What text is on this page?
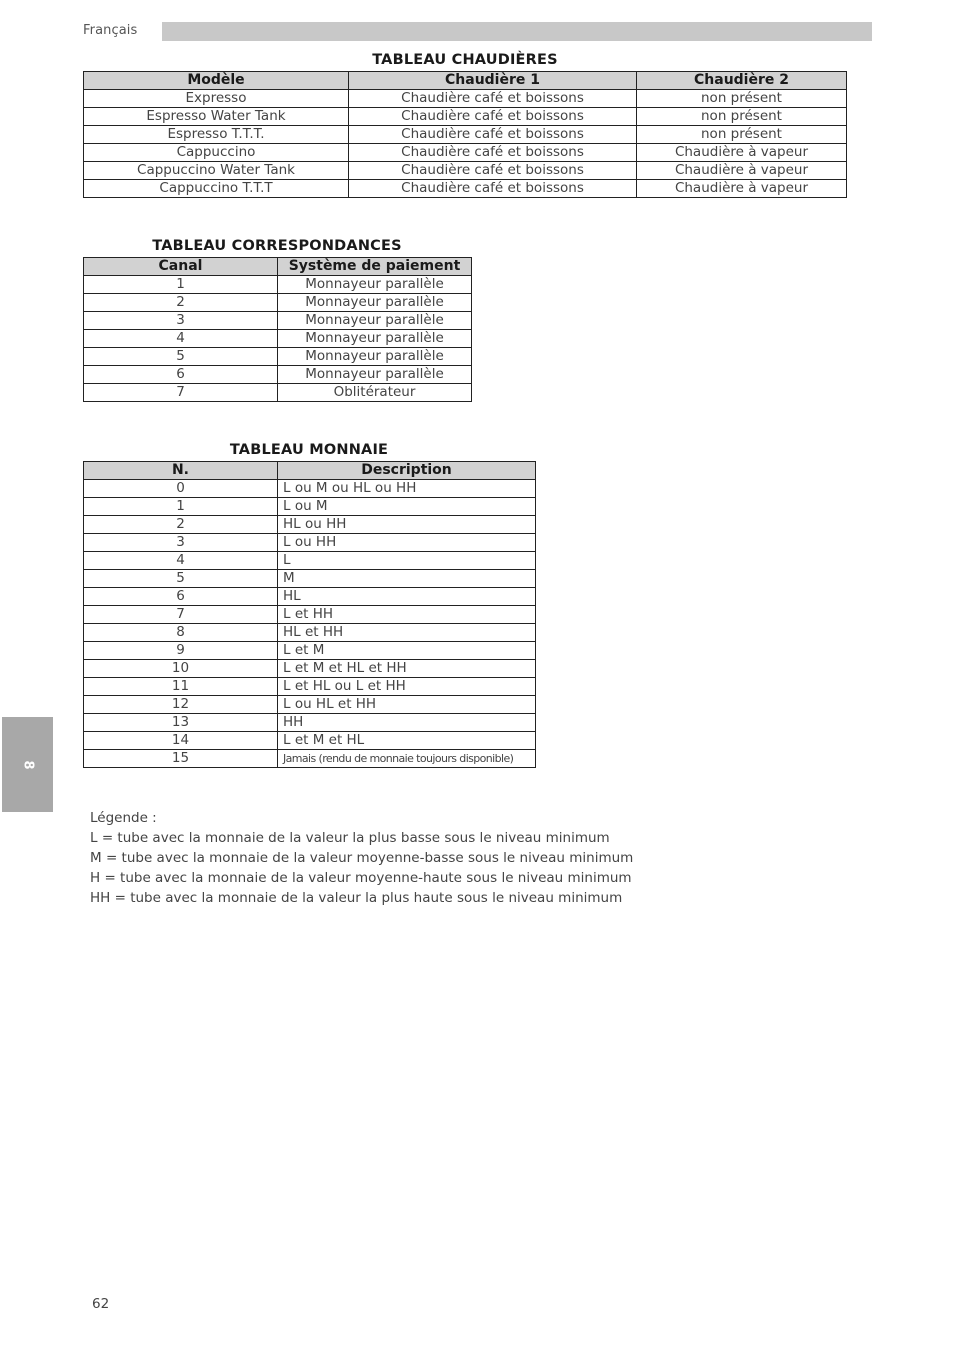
Français
8
TABLEAU CHAUDIÈRES
Modèle	Chaudière 1	Chaudière 2
Expresso	Chaudière café et boissons	non présent
Espresso Water Tank	Chaudière café et boissons	non présent
Espresso T.T.T.	Chaudière café et boissons	non présent
Cappuccino	Chaudière café et boissons	Chaudière à vapeur
Cappuccino Water Tank	Chaudière café et boissons	Chaudière à vapeur
Cappuccino T.T.T	Chaudière café et boissons	Chaudière à vapeur
TABLEAU CORRESPONDANCES
Canal	Système de paiement
1	Monnayeur parallèle
2	Monnayeur parallèle
3	Monnayeur parallèle
4	Monnayeur parallèle
5	Monnayeur parallèle
6	Monnayeur parallèle
7	Oblitérateur
TABLEAU MONNAIE
N.	Description
0	L ou M ou HL ou HH
1	L ou M
2	HL ou HH
3	L ou HH
4	L
5	M
6	HL
7	L et HH
8	HL et HH
9	L et M
10	L et M et HL et HH
11	L et HL ou L et HH
12	L ou HL et HH
13	HH
14	L et M et HL
15	Jamais (rendu de monnaie toujours disponible)
Légende :
L = tube avec la monnaie de la valeur la plus basse sous le niveau minimum
M = tube avec la monnaie de la valeur moyenne-basse sous le niveau minimum
H = tube avec la monnaie de la valeur moyenne-haute sous le niveau minimum
HH = tube avec la monnaie de la valeur la plus haute sous le niveau minimum
62
